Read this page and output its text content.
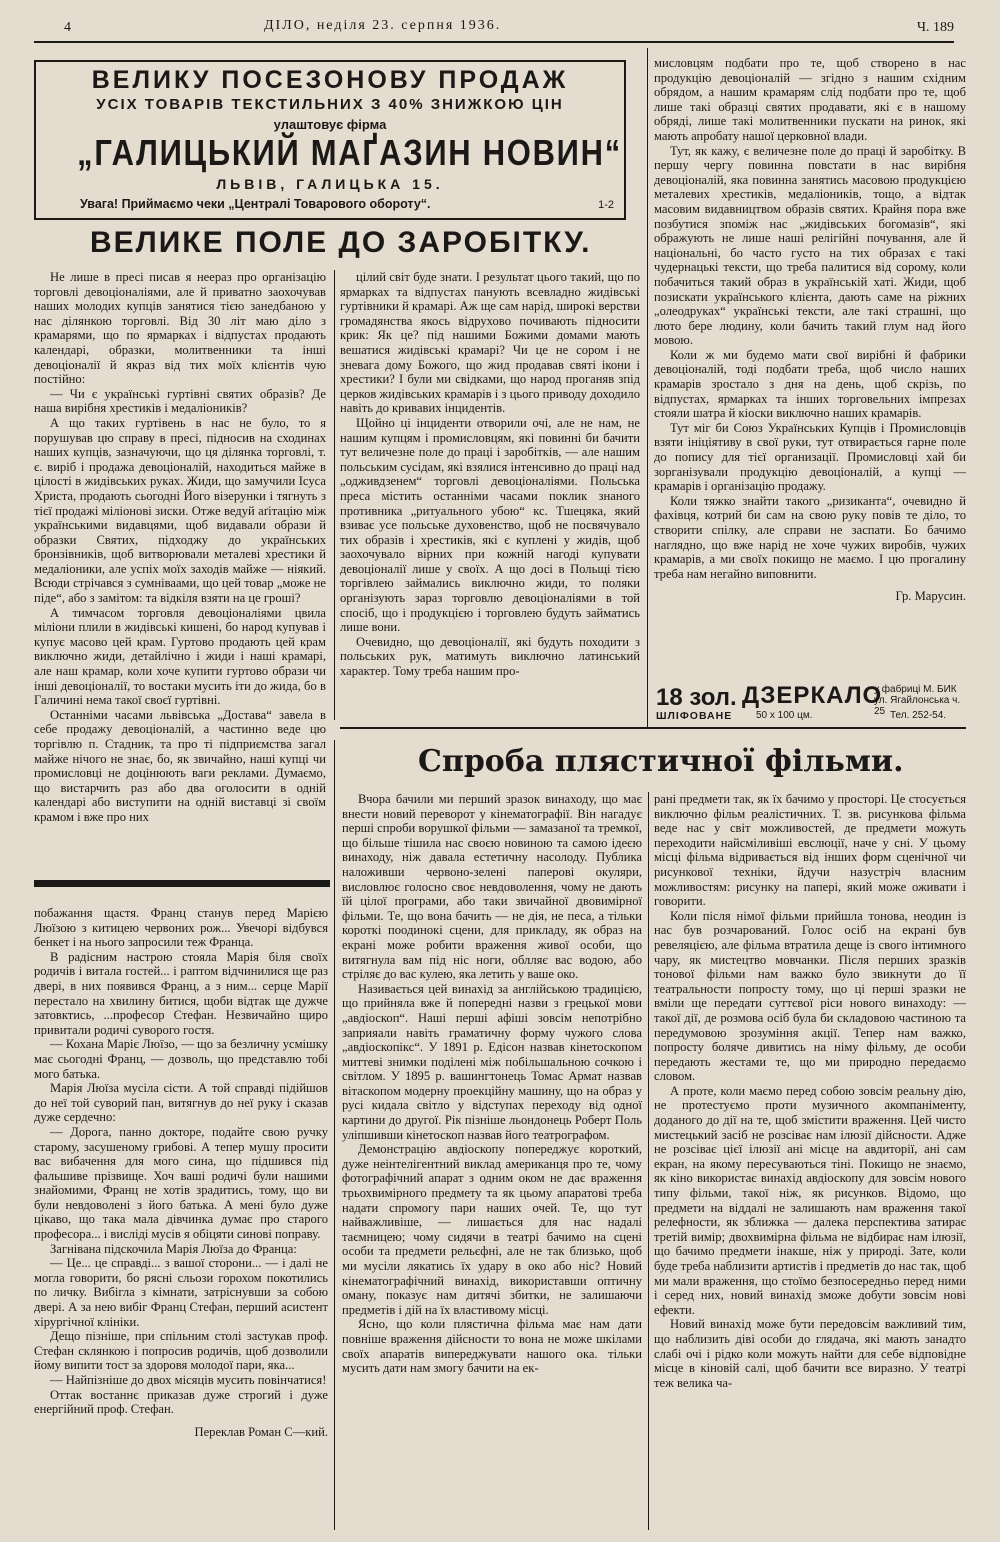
4	ДІЛО, неділя 23. серпня 1936.	Ч. 189
ВЕЛИКУ ПОСЕЗОНОВУ ПРОДАЖ
УСІХ ТОВАРІВ ТЕКСТИЛЬНИХ З 40% ЗНИЖКОЮ ЦІН
улаштовує фірма
„ГАЛИЦЬКИЙ МАҐАЗИН НОВИН“
ЛЬВІВ, ГАЛИЦЬКА 15.
Увага! Приймаємо чеки „Централі Товарового обороту“.	1-2
ВЕЛИКЕ ПОЛЕ ДО ЗАРОБІТКУ.

Не лише в пресі писав я неераз про організацію торговлі девоціоналіями, але й приватно заохочував наших молодих купців занятися тією занедбаною у нас ділянкою торговлі. Від 30 літ маю діло з крамарями, що по ярмарках і відпустах продають календарі, образки, молитвенники та інші девоціоналії й якраз від тих моїх клієнтів чую постійно:

— Чи є українські гуртівні святих образів? Де наша вирібня хрестиків і медаліоників?

А що таких гуртівень в нас не було, то я порушував цю справу в пресі, підносив на сходинах наших купців, зазначуючи, що ця ділянка торговлі, т. є. виріб і продажа девоціоналій, находиться майже в цілості в жидівських руках. Жиди, що замучили Ісуса Христа, продають сьогодні Його візерунки і тягнуть з тієї продажі міліонові зиски. Отже ведуй аґітацію між українськими видавцями, щоб видавали образи й образки Святих, підходжу до українських бронзівників, щоб витворювали металеві хрестики й медаліоники, але успіх моїх заходів майже — ніякий. Всюди стрічався з сумніваами, що цей товар „може не піде“, або з замітом: та відкіля взяти на це гроші?

А тимчасом торговля девоціоналіями цвила міліони плили в жидівські кишені, бо народ купував і купує масово цей крам. Гуртово продають цей крам виключно жиди, детайлічно і жиди і наші крамарі, але наш крамар, коли хоче купити гуртово образи чи інші девоціоналії, то востаки мусить іти до жида, бо в Галичині нема такої своєї гуртівні.

Останніми часами львівська „Достава“ завела в себе продажу девоціоналій, а частинно веде цю торгівлю п. Стадник, та про ті підприємства загал майже нічого не знає, бо, як звичайно, наші купці чи промисловці не доцінюють ваги реклами. Думаємо, що вистарчить раз або два оголосити в одній календарі або виступити на одній виставці зі своїм крамом і вже про них

цілий світ буде знати. І результат цього такий, що по ярмарках та відпустах панують всевладно жидівські гуртівники й крамарі. Аж ще сам нарід, широкі верстви громадянства якось відруховo почивають підносити крик: Як це? під нашими Божими домами мають вешатися жидівські крамарі? Чи це не сором і не зневага дому Божого, що жид продавав святі ікони і хрестики? І були ми свідками, що народ проганяв зпід церков жидівських крамарів і з цього приводу доходило навіть до кривавих інцидентів.

Щойно ці інциденти отворили очі, але не нам, не нашим купцям і промисловцям, які повинні би бачити тут величезне поле до праці і заробітків, — але нашим польським сусідам, які взялися інтенсивно до праці над „одживдзенем“ торговлі девоціоналіями. Польська преса містить останніми часами поклик знаного противника „ритуального убою“ кс. Тшецяка, який взиває усе польське духовенство, щоб не посвячувало тих образів і хрестиків, які є куплені у жидів, щоб заохочувало вірних при кожній нагоді купувати девоціоналії лише у своїх. А що досі в Польщі тією торгівлею займались виключно жиди, то поляки організують зараз торговлю девоціоналіями в той спосіб, що і продукцією і торговлею будуть займатись лише вони.

Очевидно, що девоціоналії, які будуть походити з польських рук, матимуть виключно латинський характер. Тому треба нашим про-

мисловцям подбати про те, щоб створено в нас продукцію девоціоналій — згідно з нашим східним обрядом, а нашим крамарям слід подбати про те, щоб лише такі образці святих продавати, які є в нашому обряді, лише такі молитвенники пускати на ринок, які мають апробату нашої церковної влади.

Тут, як кажу, є величезне поле до праці й заробітку. В першу чергу повинна повстати в нас вирібня девоціоналій, яка повинна занятись масовою продукцією металевих хрестиків, медаліоників, тощо, а відтак масовим видавництвом образів святих. Крайня пора вже позбутися зпоміж нас „жидівських богомазів“, які ображують не лише наші релігійні почування, але й національні, бо часто густо на тих образах є такі чудернацькі тексти, що треба палитися від сорому, коли побачиться такий образ в українській хаті. Жиди, щоб позискати українського клієнта, дають саме на ріжних „олеодруках“ українські тексти, але такі страшні, що люто бере людину, коли бачить такий глум над його мовою.

Коли ж ми будемо мати свої вирібні й фабрики девоціоналій, тоді подбати треба, щоб число наших крамарів зростало з дня на день, щоб скрізь, по відпустах, ярмарках та інших торговельних імпрезах стояли шатра й кіоски виключно наших крамарів.

Тут міг би Союз Українських Купців і Промисловців взяти ініціятиву в свої руки, тут отвирається гарне поле до попису для тієї организації. Промисловці хай би зорганізували продукцію девоціоналій, а купці — крамарів і організацію продажу.

Коли тяжко знайти такого „ризиканта“, очевидно й фахівця, котрий би сам на свою руку повів те діло, то створити спілку, але справи не заспати. Бо бачимо наглядно, що вже нарід не хоче чужих виробів, чужих крамарів, а ми своїх покищо не маємо. І цю прогалину треба нам негайно виповнити.

Гр. Марусин.

18 зол. ДЗЕРКАЛО
у фабриці М. БИК ул. Ягайлонська ч. 25
ШЛІФОВАНЕ 50 x 100 цм.	Тел. 252-54.

побажання щастя. Франц станув перед Марією Люїзою з китицею червоних рож... Увечорі відбувся бенкет і на нього запросили теж Франца.

В радісним настрою стояла Марія біля своїх родичів і витала гостей... і раптом відчинилися ще раз двері, в них появився Франц, а з ним... серце Марії перестало на хвилину битися, щоби відтак ще дужче затовктись, ...професор Стефан. Незвичайно щиро привитали родичі суворого гостя.

— Кохана Маріє Люїзо, — що за безличну усмішку має сьогодні Франц, — дозволь, що представлю тобі мого батька.

Марія Люїза мусіла сісти. А той справді підійшов до неї той суворий пан, витягнув до неї руку і сказав дуже сердечно:

— Дорога, панно докторе, подайте свою ручку старому, засушеному грибові. А тепер мушу просити вас вибачення для мого сина, що підшився під фальшиве прізвище. Хоч ваші родичі були нашими знайомими, Франц не хотів зрадитись, тому, що ви були невдоволені з його батька. А мені було дуже цікаво, що така мала дівчинка думає про старого професора... і висліді мусів я обіцяти синові поправу.

Загнівана підскочила Марія Люїза до Франца:

— Це... це справді... з вашої сторони... — і далі не могла говорити, бо рясні сльози горохом покотились по личку. Вибігла з кімнати, затріснувши за собою двері. А за нею вибіг Франц Стефан, перший асистент хірургічної клініки.

Дещо пізніше, при спільним столі застукав проф. Стефан склянкою і попросив родичів, щоб дозволили йому випити тост за здоровя молодої пари, яка...

— Найпізніше до двох місяців мусить повінчатися!

Оттак востаннє приказав дуже строгий і дуже енергійний проф. Стефан.

Переклав Роман С—кий.

Спроба плястичної фільми.

Вчора бачили ми перший зразок винаходу, що має внести новий переворот у кінематографії. Він нагадує перші спроби ворушкої фільми — замазаної та тремкої, що більше тішила нас своєю новиною та самою ідеєю винаходу, ніж давала естетичну насолоду. Публика наложивши червоно-зелені паперові окуляри, висловлює голосно своє невдоволення, чому не дають їй цілої програми, або таки звичайної двовимірної фільми. Те, що вона бачить — не дія, не песа, а тільки короткі поодинокі сцени, для прикладу, як образ на екрані може робити враження живої особи, що витягнула вам під ніс ноги, облляє вас водою, або стріляє до вас кулею, яка летить у ваше око.

Називається цей винахід за англійською традицією, що прийняла вже й попередні назви з грецької мови „авдіоскоп“. Наші перші афіші зовсім непотрібно заприяали навіть граматичну форму чужого слова „авдіоскопікс“. У 1891 р. Едісон назвав кінетоскопом миттеві знимки поділені між побільшальною сочкою і світлом. У 1895 р. вашингтонець Томас Армат назвав вітаскопом модерну проекційну машину, що на образ у русі кидала світло у відступах переходу від одної картини до другої. Рік пізніше льондонець Роберт Поль уліпшивши кінетоскоп назвав його театрографом.

Демонстрацію авдіоскопу попереджує короткий, дуже неінтелігентний виклад американця про те, чому фотографічний апарат з одним оком не дає враження трьохвимірного предмету та як цьому апаратові треба надати спромогу пари наших очей. Те, що тут найважливіше, — лишається для нас надалі таємницею; чому сидячи в театрі бачимо на сцені особи та предмети рельєфні, але не так близько, щоб ми мусіли лякатись їх удару в око або ніс? Новий кінематографічний винахід, використавши оптичну оману, показує нам дитячі збитки, не залишаючи предметів і дій на їх властивому місці.

Ясно, що коли плястична фільма має нам дати повніше враження дійсности то вона не може шкілами своїх апаратів випереджувати нашого ока. тільки мусить дати нам змогу бачити на ек-

рані предмети так, як їх бачимо у просторі. Це стосується виключно фільм реалістичних. Т. зв. рисункова фільма веде нас у світ можливостей, де предмети можуть переходити найсміливіші евслюції, наче у сні. У цьому місці фільма відривається від інших форм сценічної чи рисункової техніки, йдучи назустріч власним можливостям: рисунку на папері, який може оживати і говорити.

Коли після німої фільми прийшла тонова, неодин із нас був розчарований. Голос осіб на екрані був ревеляцією, але фільма втратила деще із свого інтимного чару, як мистецтво мовчанки. Після перших зразків тонової фільми нам важко було звикнути до її театральности попросту тому, що ці перші зразки не вміли ще передати суттєвої ріси нового винаходу: — такої дії, де розмова осіб була би складовою частиною та передумовою зрозуміння акції. Тепер нам важко, попросту боляче дивитись на німу фільму, де особи передають жестами те, що ми природно передаємо словом.

А проте, коли маємо перед собою зовсім реальну дію, не протестуємо проти музичного акомпаніменту, доданого до дії на те, щоб змістити враження. Цей чисто мистецький засіб не розсіває нам ілюзії дійсности. Адже не розсіває цієї ілюзії ані місце на авдиторії, ані сам екран, на якому пересуваються тіні. Покищо не знаємо, як кіно використає винахід авдіоскопу для зовсім нового типу фільми, такої ніж, як рисунков. Відомо, що предмети на віддалі не залишають нам враження такої релефности, як зближка — далека перспектива затирає третій вимір; двохвимірна фільма не відбирає нам ілюзії, що бачимо предмети інакше, ніж у природі. Зате, коли буде треба наблизити артистів і предметів до нас так, щоб ми мали враження, що стоїмо безпосередньо перед ними і серед них, новий винахід зможе добути зовсім нові ефекти.

Новий винахід може бути передовсім важливий тим, що наблизить діві особи до глядача, які мають занадто слабі очі і рідко коли можуть найти для себе відповідне місце в кіновій салі, щоб бачити все виразно. У театрі теж велика ча-
